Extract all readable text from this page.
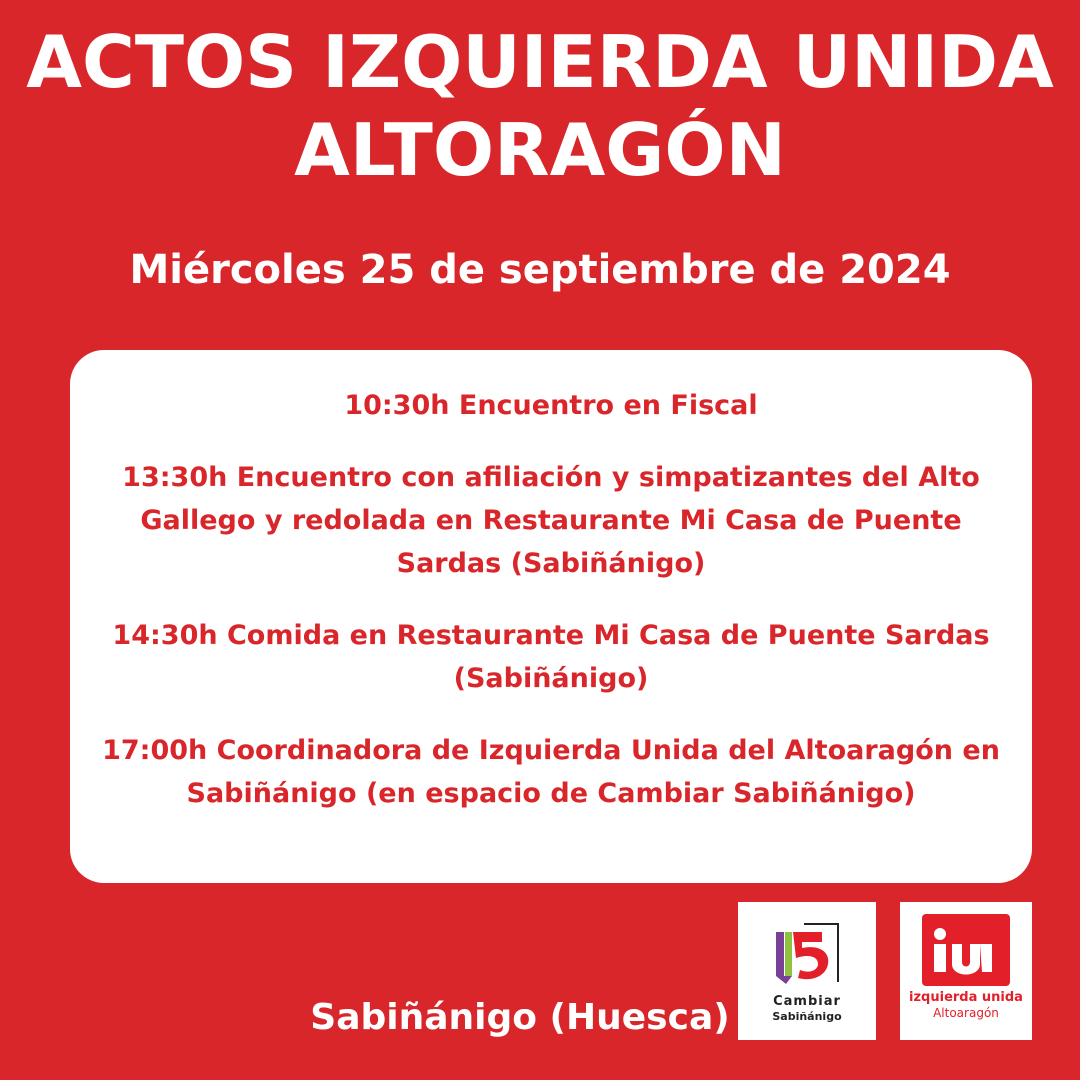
ACTOS IZQUIERDA UNIDA
ALTORAGÓN
Miércoles 25 de septiembre de 2024

10:30h Encuentro en Fiscal

13:30h Encuentro con afiliación y simpatizantes del Alto Gallego y redolada en Restaurante Mi Casa de Puente Sardas (Sabiñánigo)

14:30h Comida en Restaurante Mi Casa de Puente Sardas (Sabiñánigo)

17:00h Coordinadora de Izquierda Unida del Altoaragón en Sabiñánigo (en espacio de Cambiar Sabiñánigo)

Sabiñánigo (Huesca)	Cambiar
Sabiñánigo
izquierda unida
Altoaragón
